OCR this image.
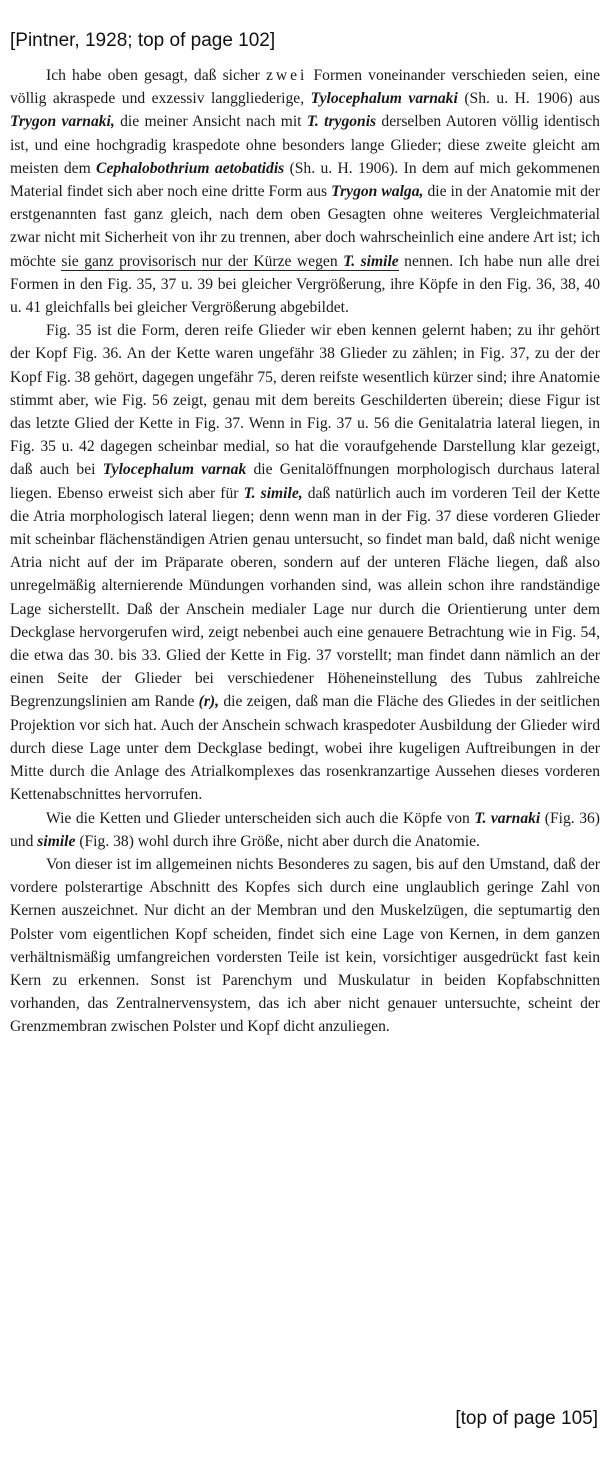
[Pintner, 1928; top of page 102]

Ich habe oben gesagt, daß sicher zwei Formen voneinander verschieden seien, eine völlig akraspede und exzessiv langgliederige, Tylocephalum varnaki (Sh. u. H. 1906) aus Trygon varnaki, die meiner Ansicht nach mit T. trygonis derselben Autoren völlig identisch ist, und eine hochgradig kraspedote ohne besonders lange Glieder; diese zweite gleicht am meisten dem Cephalobothrium aetobatidis (Sh. u. H. 1906). In dem auf mich gekommenen Material findet sich aber noch eine dritte Form aus Trygon walga, die in der Anatomie mit der erstgenannten fast ganz gleich, nach dem oben Gesagten ohne weiteres Vergleichmaterial zwar nicht mit Sicherheit von ihr zu trennen, aber doch wahrscheinlich eine andere Art ist; ich möchte sie ganz provisorisch nur der Kürze wegen T. simile nennen. Ich habe nun alle drei Formen in den Fig. 35, 37 u. 39 bei gleicher Vergrößerung, ihre Köpfe in den Fig. 36, 38, 40 u. 41 gleichfalls bei gleicher Vergrößerung abgebildet.

Fig. 35 ist die Form, deren reife Glieder wir eben kennen gelernt haben; zu ihr gehört der Kopf Fig. 36. An der Kette waren ungefähr 38 Glieder zu zählen; in Fig. 37, zu der der Kopf Fig. 38 gehört, dagegen ungefähr 75, deren reifste wesentlich kürzer sind; ihre Anatomie stimmt aber, wie Fig. 56 zeigt, genau mit dem bereits Geschilderten überein; diese Figur ist das letzte Glied der Kette in Fig. 37. Wenn in Fig. 37 u. 56 die Genitalatria lateral liegen, in Fig. 35 u. 42 dagegen scheinbar medial, so hat die voraufgehende Darstellung klar gezeigt, daß auch bei Tylocephalum varnak die Genitalöffnungen morphologisch durchaus lateral liegen. Ebenso erweist sich aber für T. simile, daß natürlich auch im vorderen Teil der Kette die Atria morphologisch lateral liegen; denn wenn man in der Fig. 37 diese vorderen Glieder mit scheinbar flächenständigen Atrien genau untersucht, so findet man bald, daß nicht wenige Atria nicht auf der im Präparate oberen, sondern auf der unteren Fläche liegen, daß also unregelmäßig alternierende Mündungen vorhanden sind, was allein schon ihre randständige Lage sicherstellt. Daß der Anschein medialer Lage nur durch die Orientierung unter dem Deckglase hervorgerufen wird, zeigt nebenbei auch eine genauere Betrachtung wie in Fig. 54, die etwa das 30. bis 33. Glied der Kette in Fig. 37 vorstellt; man findet dann nämlich an der einen Seite der Glieder bei verschiedener Höheneinstellung des Tubus zahlreiche Begrenzungslinien am Rande (r), die zeigen, daß man die Fläche des Gliedes in der seitlichen Projektion vor sich hat. Auch der Anschein schwach kraspedoter Ausbildung der Glieder wird durch diese Lage unter dem Deckglase bedingt, wobei ihre kugeligen Auftreibungen in der Mitte durch die Anlage des Atrialkomplexes das rosenkranzartige Aussehen dieses vorderen Kettenabschnittes hervorrufen.

Wie die Ketten und Glieder unterscheiden sich auch die Köpfe von T. varnaki (Fig. 36) und simile (Fig. 38) wohl durch ihre Größe, nicht aber durch die Anatomie.

Von dieser ist im allgemeinen nichts Besonderes zu sagen, bis auf den Umstand, daß der vordere polsterartige Abschnitt des Kopfes sich durch eine unglaublich geringe Zahl von Kernen auszeichnet. Nur dicht an der Membran und den Muskelzügen, die septumartig den Polster vom eigentlichen Kopf scheiden, findet sich eine Lage von Kernen, in dem ganzen verhältnismäßig umfangreichen vordersten Teile ist kein, vorsichtiger ausgedrückt fast kein Kern zu erkennen. Sonst ist Parenchym und Muskulatur in beiden Kopfabschnitten vorhanden, das Zentralnervensystem, das ich aber nicht genauer untersuchte, scheint der Grenzmembran zwischen Polster und Kopf dicht anzuliegen.

[top of page 105]
